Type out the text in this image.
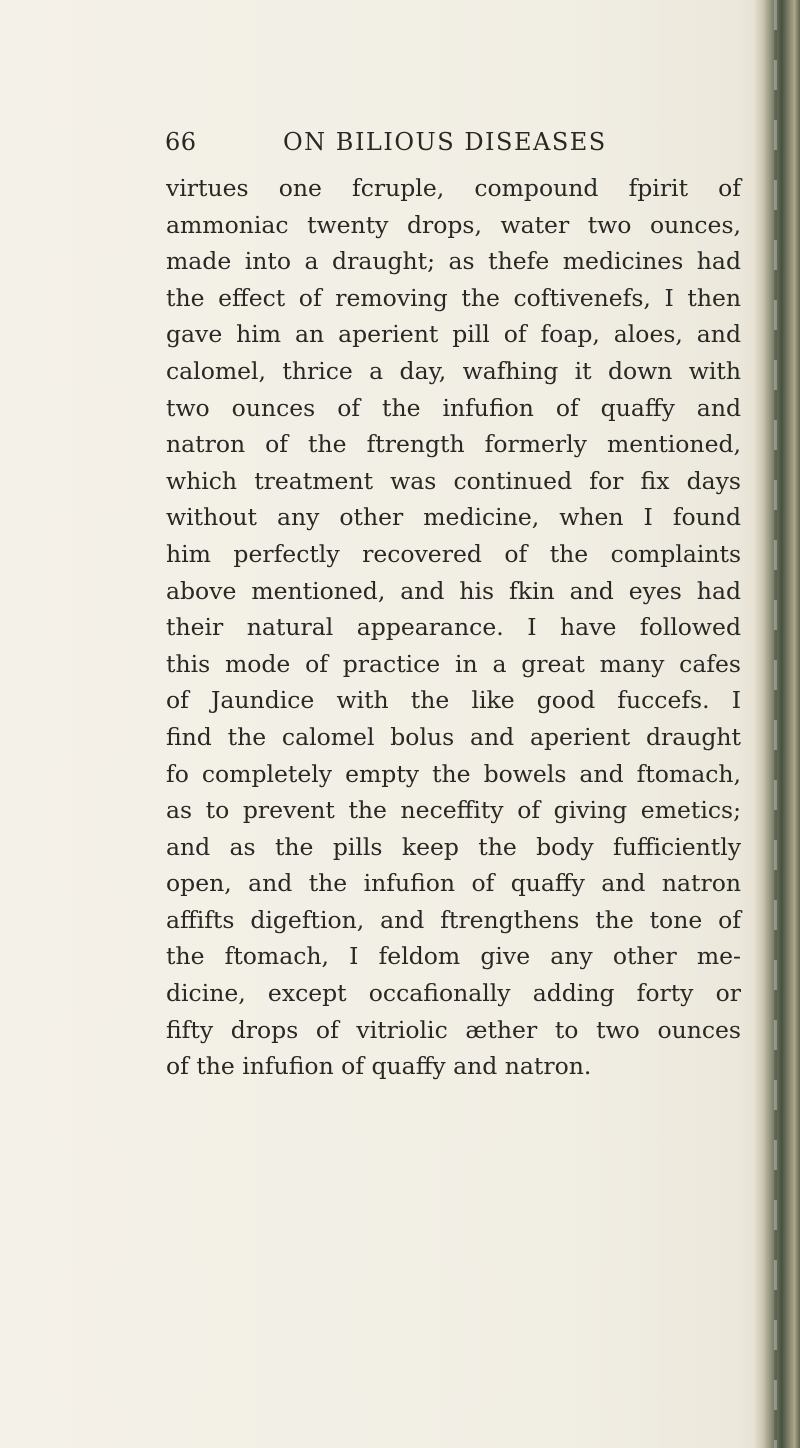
66	ON BILIOUS DISEASES
virtues one fcruple, compound fpirit of
ammoniac twenty drops, water two ounces,
made into a draught; as thefe medicines had
the effect of removing the coftivenefs, I then
gave him an aperient pill of foap, aloes, and
calomel, thrice a day, wafhing it down with
two ounces of the infufion of quaffy and
natron of the ftrength formerly mentioned,
which treatment was continued for fix days
without any other medicine, when I found
him perfectly recovered of the complaints
above mentioned, and his fkin and eyes had
their natural appearance. I have followed
this mode of practice in a great many cafes
of Jaundice with the like good fuccefs. I
find the calomel bolus and aperient draught
fo completely empty the bowels and ftomach,
as to prevent the neceffity of giving emetics;
and as the pills keep the body fufficiently
open, and the infufion of quaffy and natron
affifts digeftion, and ftrengthens the tone of
the ftomach, I feldom give any other me-
dicine, except occafionally adding forty or
fifty drops of vitriolic æther to two ounces
of the infufion of quaffy and natron.
